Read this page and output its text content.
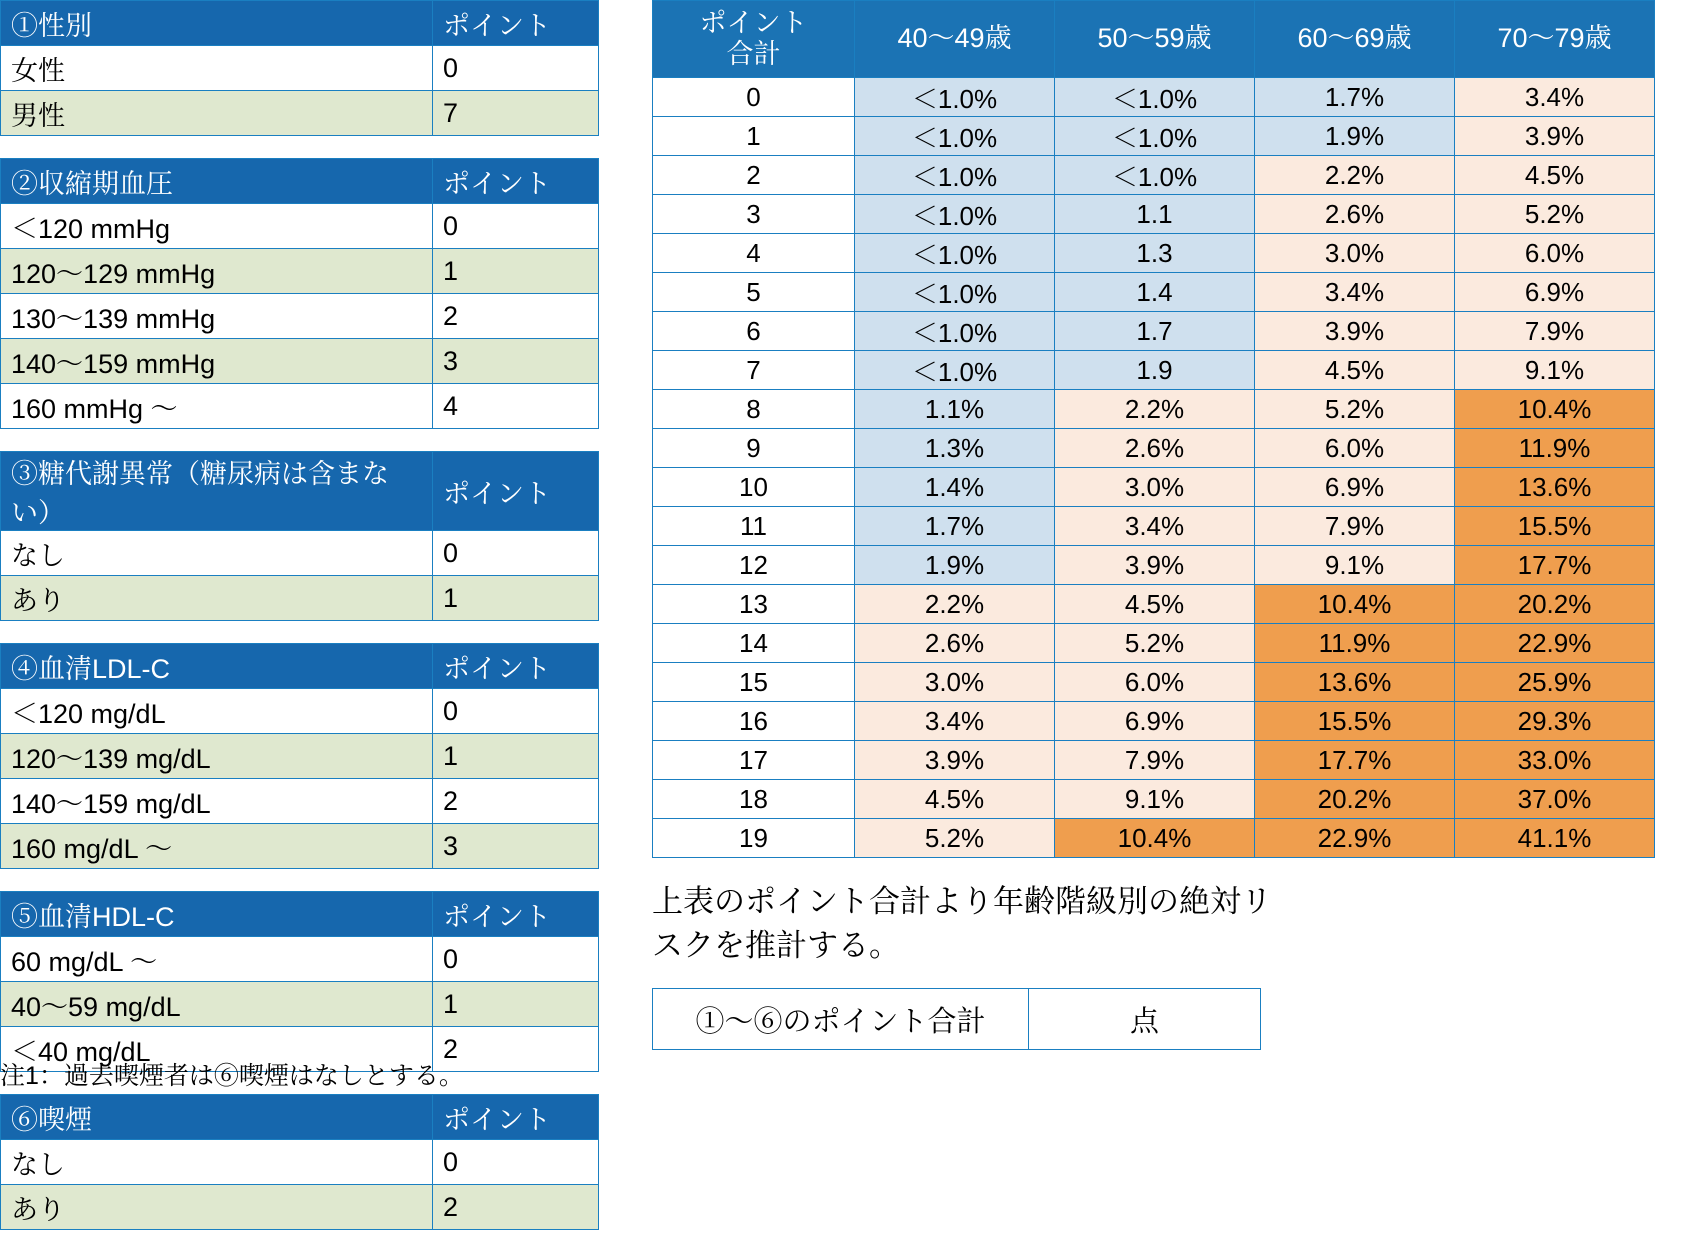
①性別	ポイント
女性	0
男性	7
②収縮期血圧	ポイント
＜120 mmHg	0
120〜129 mmHg	1
130〜139 mmHg	2
140〜159 mmHg	3
160 mmHg 〜	4
③糖代謝異常（糖尿病は含まない）	ポイント
なし	0
あり	1
④血清LDL-C	ポイント
＜120 mg/dL	0
120〜139 mg/dL	1
140〜159 mg/dL	2
160 mg/dL 〜	3
⑤血清HDL-C	ポイント
60 mg/dL 〜	0
40〜59 mg/dL	1
＜40 mg/dL	2
⑥喫煙	ポイント
なし	0
あり	2
注1：過去喫煙者は⑥喫煙はなしとする。
ポイント
合計	40〜49歳	50〜59歳	60〜69歳	70〜79歳
0	＜1.0%	＜1.0%	1.7%	3.4%
1	＜1.0%	＜1.0%	1.9%	3.9%
2	＜1.0%	＜1.0%	2.2%	4.5%
3	＜1.0%	1.1	2.6%	5.2%
4	＜1.0%	1.3	3.0%	6.0%
5	＜1.0%	1.4	3.4%	6.9%
6	＜1.0%	1.7	3.9%	7.9%
7	＜1.0%	1.9	4.5%	9.1%
8	1.1%	2.2%	5.2%	10.4%
9	1.3%	2.6%	6.0%	11.9%
10	1.4%	3.0%	6.9%	13.6%
11	1.7%	3.4%	7.9%	15.5%
12	1.9%	3.9%	9.1%	17.7%
13	2.2%	4.5%	10.4%	20.2%
14	2.6%	5.2%	11.9%	22.9%
15	3.0%	6.0%	13.6%	25.9%
16	3.4%	6.9%	15.5%	29.3%
17	3.9%	7.9%	17.7%	33.0%
18	4.5%	9.1%	20.2%	37.0%
19	5.2%	10.4%	22.9%	41.1%
上表のポイント合計より年齢階級別の絶対リスクを推計する。
①〜⑥のポイント合計	点
